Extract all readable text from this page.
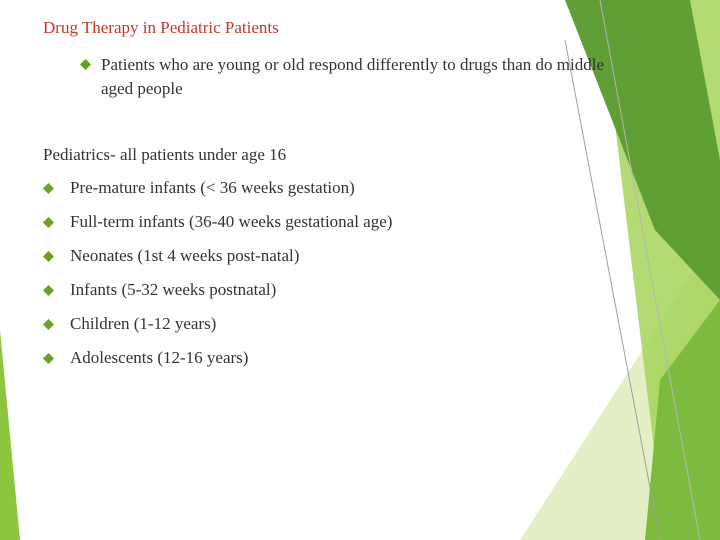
Drug Therapy in Pediatric Patients
Patients who are young or old respond differently to drugs than do middle aged people
Pediatrics- all patients under age 16
Pre-mature infants (< 36 weeks gestation)
Full-term infants (36-40 weeks gestational age)
Neonates (1st 4 weeks post-natal)
Infants (5-32 weeks postnatal)
Children (1-12 years)
Adolescents (12-16 years)
